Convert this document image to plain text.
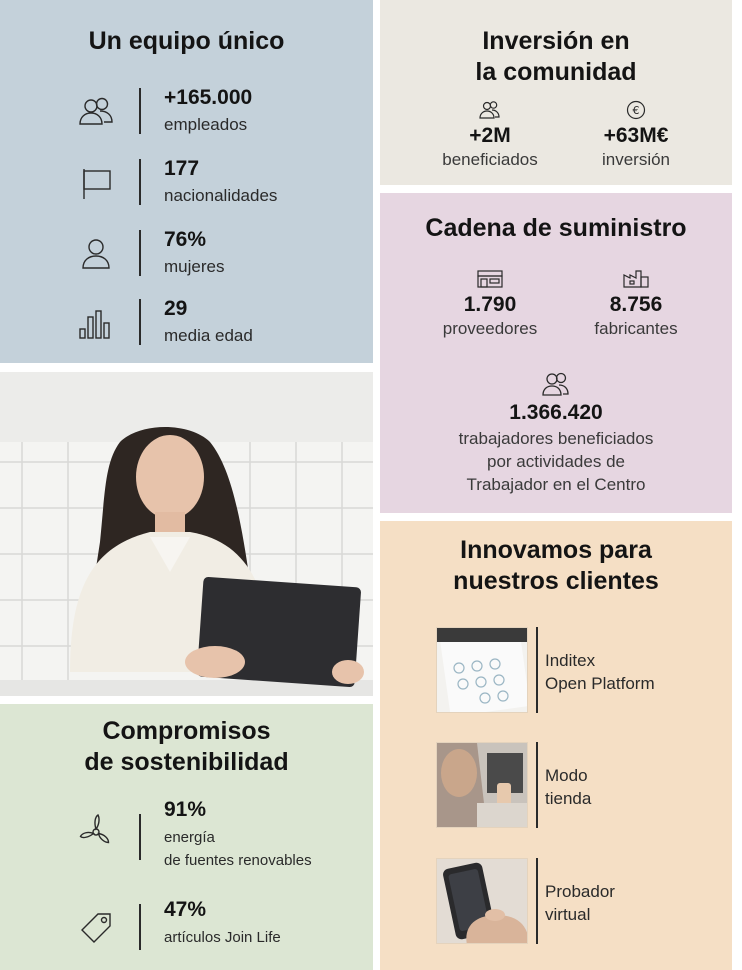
Un equipo único
+165.000
empleados
177
nacionalidades
76%
mujeres
29
media edad
Inversión en
la comunidad
+2M
beneficiados
€
+63M€
inversión
Cadena de suministro
1.790
proveedores
8.756
fabricantes
1.366.420
trabajadores beneficiados
por actividades de
Trabajador en el Centro
Compromisos
de sostenibilidad
91%
energía
de fuentes renovables
47%
artículos Join Life
Innovamos para
nuestros clientes
Inditex
Open Platform
Modo
tienda
Probador
virtual
